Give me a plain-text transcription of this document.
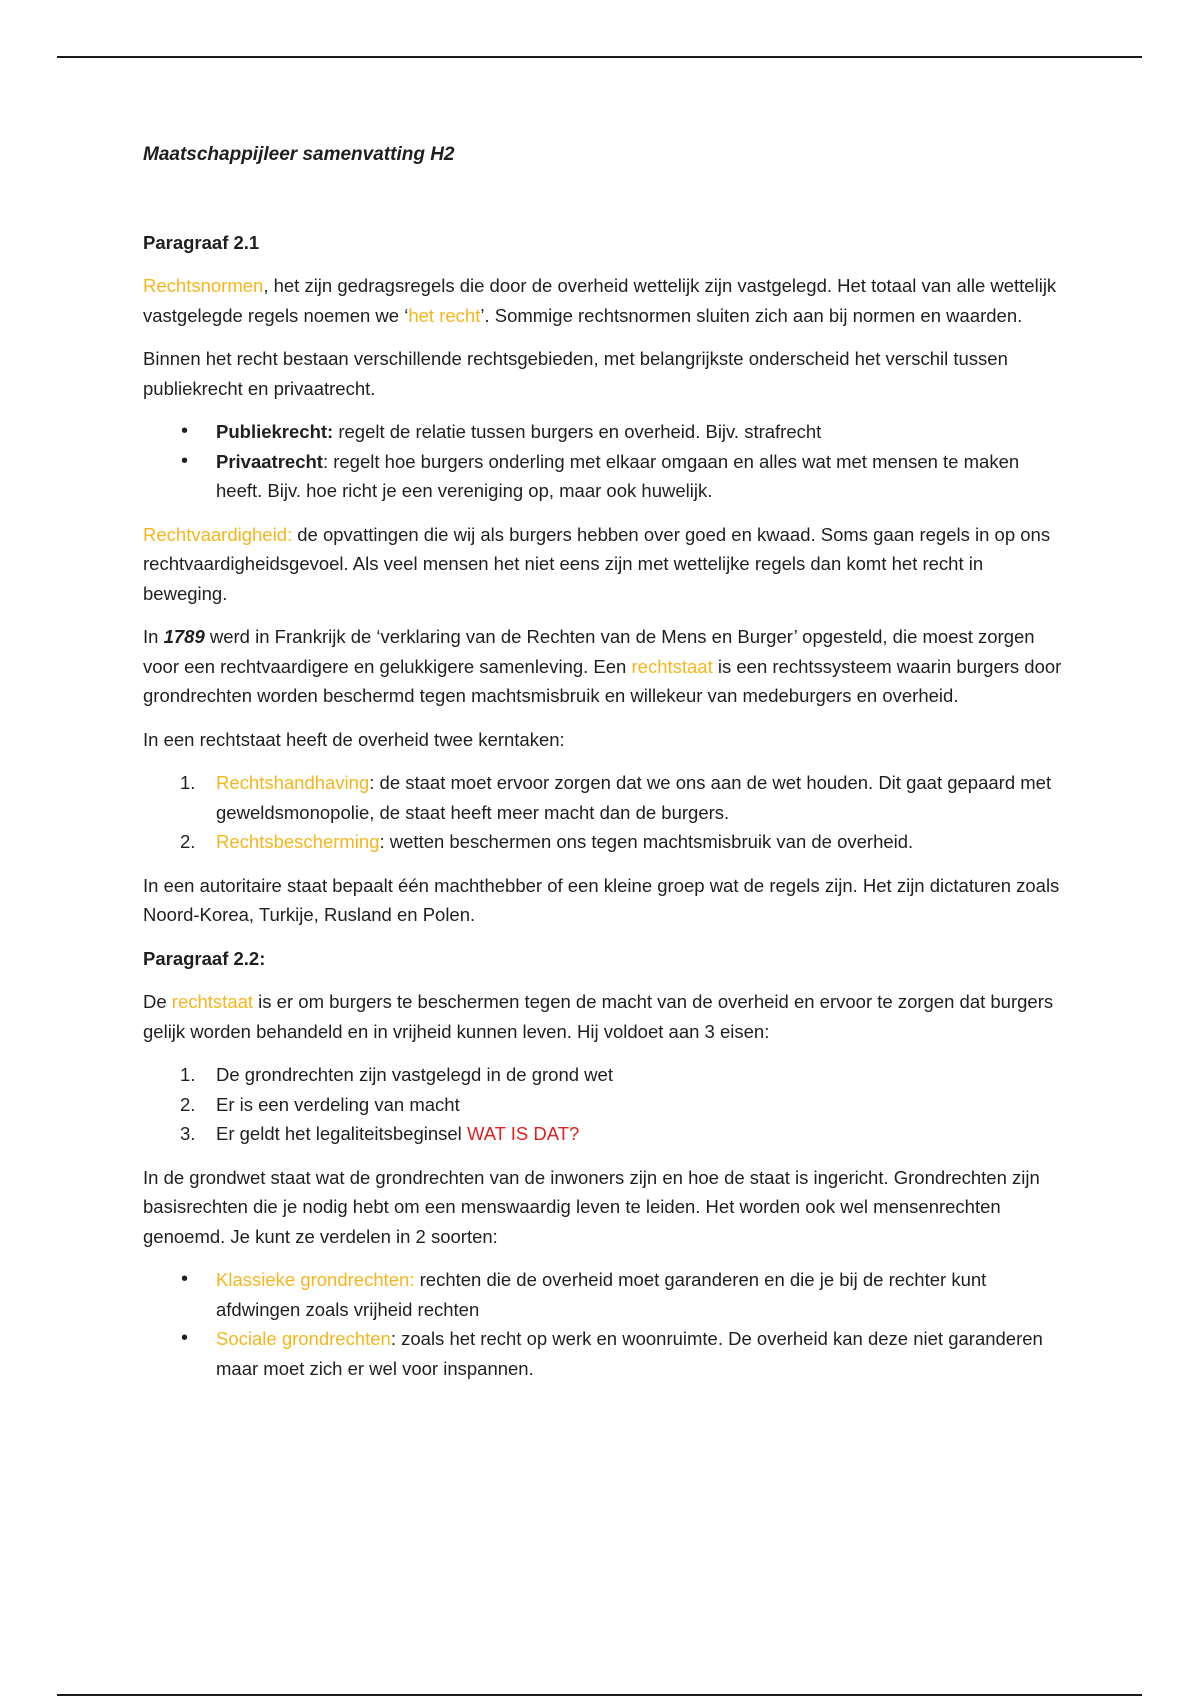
Maatschappijleer samenvatting H2
Paragraaf 2.1

Rechtsnormen, het zijn gedragsregels die door de overheid wettelijk zijn vastgelegd. Het totaal van alle wettelijk vastgelegde regels noemen we ‘het recht’. Sommige rechtsnormen sluiten zich aan bij normen en waarden.

Binnen het recht bestaan verschillende rechtsgebieden, met belangrijkste onderscheid het verschil tussen publiekrecht en privaatrecht.

• Publiekrecht: regelt de relatie tussen burgers en overheid. Bijv. strafrecht
• Privaatrecht: regelt hoe burgers onderling met elkaar omgaan en alles wat met mensen te maken heeft. Bijv. hoe richt je een vereniging op, maar ook huwelijk.

Rechtvaardigheid: de opvattingen die wij als burgers hebben over goed en kwaad. Soms gaan regels in op ons rechtvaardigheidsgevoel. Als veel mensen het niet eens zijn met wettelijke regels dan komt het recht in beweging.

In 1789 werd in Frankrijk de ‘verklaring van de Rechten van de Mens en Burger’ opgesteld, die moest zorgen voor een rechtvaardigere en gelukkigere samenleving. Een rechtstaat is een rechtssysteem waarin burgers door grondrechten worden beschermd tegen machtsmisbruik en willekeur van medeburgers en overheid.

In een rechtstaat heeft de overheid twee kerntaken:

1. Rechtshandhaving: de staat moet ervoor zorgen dat we ons aan de wet houden. Dit gaat gepaard met geweldsmonopolie, de staat heeft meer macht dan de burgers.
2. Rechtsbescherming: wetten beschermen ons tegen machtsmisbruik van de overheid.

In een autoritaire staat bepaalt één machthebber of een kleine groep wat de regels zijn. Het zijn dictaturen zoals Noord-Korea, Turkije, Rusland en Polen.

Paragraaf 2.2:

De rechtstaat is er om burgers te beschermen tegen de macht van de overheid en ervoor te zorgen dat burgers gelijk worden behandeld en in vrijheid kunnen leven. Hij voldoet aan 3 eisen:

1. De grondrechten zijn vastgelegd in de grond wet
2. Er is een verdeling van macht
3. Er geldt het legaliteitsbeginsel WAT IS DAT?

In de grondwet staat wat de grondrechten van de inwoners zijn en hoe de staat is ingericht. Grondrechten zijn basisrechten die je nodig hebt om een menswaardig leven te leiden. Het worden ook wel mensenrechten genoemd. Je kunt ze verdelen in 2 soorten:

• Klassieke grondrechten: rechten die de overheid moet garanderen en die je bij de rechter kunt afdwingen zoals vrijheid rechten
• Sociale grondrechten: zoals het recht op werk en woonruimte. De overheid kan deze niet garanderen maar moet zich er wel voor inspannen.
